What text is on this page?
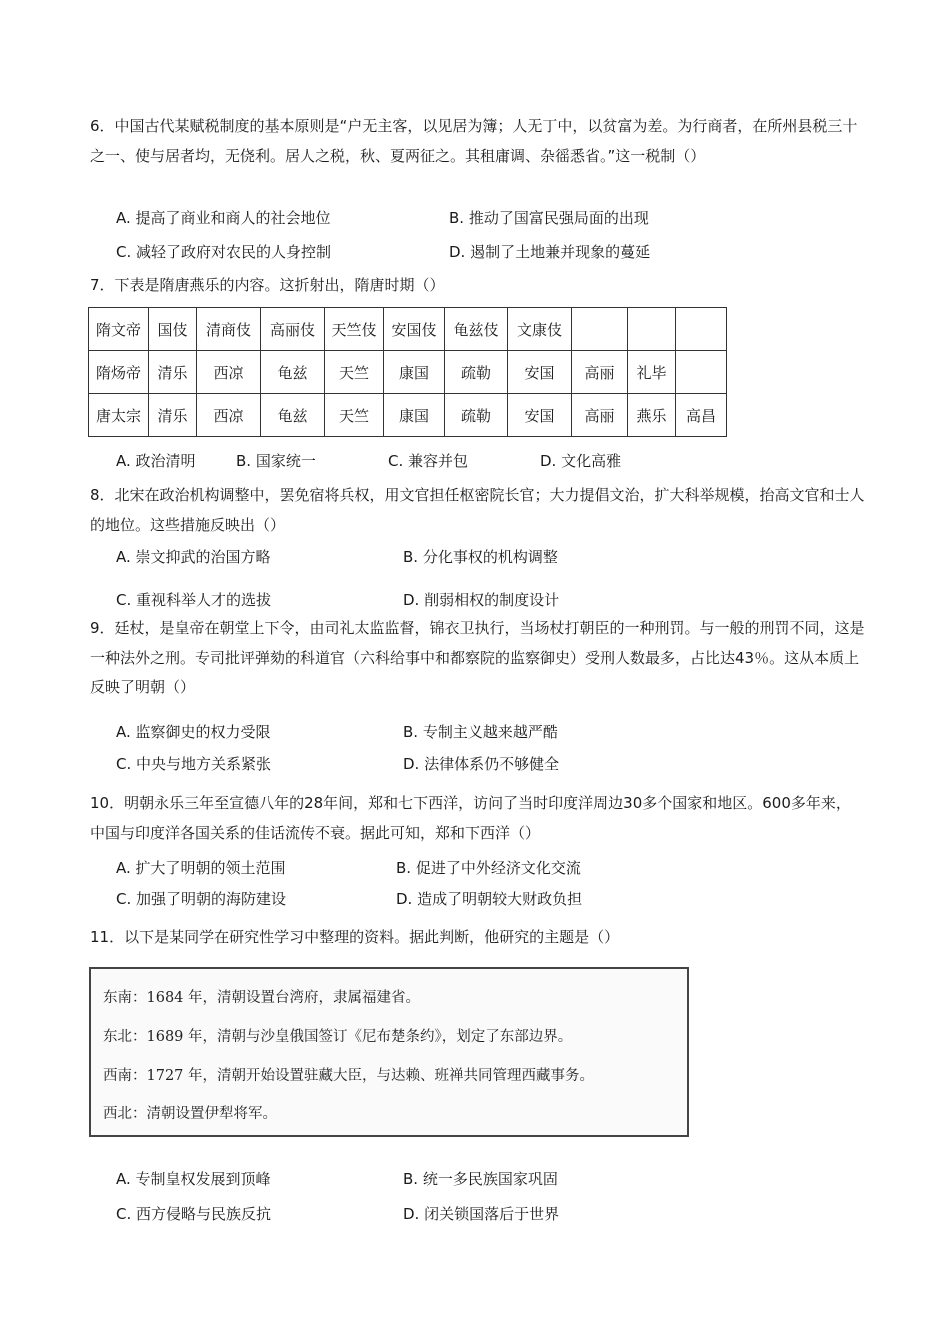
6．中国古代某赋税制度的基本原则是“户无主客，以见居为簿；人无丁中，以贫富为差。为行商者，在所州县税三十之一、使与居者均，无侥利。居人之税，秋、夏两征之。其租庸调、杂徭悉省。”这一税制（）
A. 提高了商业和商人的社会地位	B. 推动了国富民强局面的出现
C. 减轻了政府对农民的人身控制	D. 遏制了土地兼并现象的蔓延
7．下表是隋唐燕乐的内容。这折射出，隋唐时期（）
隋文帝	国伎	清商伎	高丽伎	天竺伎	安国伎	龟兹伎	文康伎			
隋炀帝	清乐	西凉	龟兹	天竺	康国	疏勒	安国	高丽	礼毕	
唐太宗	清乐	西凉	龟兹	天竺	康国	疏勒	安国	高丽	燕乐	高昌
A. 政治清明	B. 国家统一	C. 兼容并包	D. 文化高雅
8．北宋在政治机构调整中，罢免宿将兵权，用文官担任枢密院长官；大力提倡文治，扩大科举规模，抬高文官和士人的地位。这些措施反映出（）
A. 崇文抑武的治国方略	B. 分化事权的机构调整
C. 重视科举人才的选拔	D. 削弱相权的制度设计
9．廷杖，是皇帝在朝堂上下令，由司礼太监监督，锦衣卫执行，当场杖打朝臣的一种刑罚。与一般的刑罚不同，这是一种法外之刑。专司批评弹劾的科道官（六科给事中和都察院的监察御史）受刑人数最多，占比达43％。这从本质上反映了明朝（）
A. 监察御史的权力受限	B. 专制主义越来越严酷
C. 中央与地方关系紧张	D. 法律体系仍不够健全
10．明朝永乐三年至宣德八年的28年间，郑和七下西洋，访问了当时印度洋周边30多个国家和地区。600多年来，中国与印度洋各国关系的佳话流传不衰。据此可知，郑和下西洋（）
A. 扩大了明朝的领土范围	B. 促进了中外经济文化交流
C. 加强了明朝的海防建设	D. 造成了明朝较大财政负担
11．以下是某同学在研究性学习中整理的资料。据此判断，他研究的主题是（）
东南：1684 年，清朝设置台湾府，隶属福建省。
东北：1689 年，清朝与沙皇俄国签订《尼布楚条约》，划定了东部边界。
西南：1727 年，清朝开始设置驻藏大臣，与达赖、班禅共同管理西藏事务。
西北：清朝设置伊犁将军。
A. 专制皇权发展到顶峰	B. 统一多民族国家巩固
C. 西方侵略与民族反抗	D. 闭关锁国落后于世界
